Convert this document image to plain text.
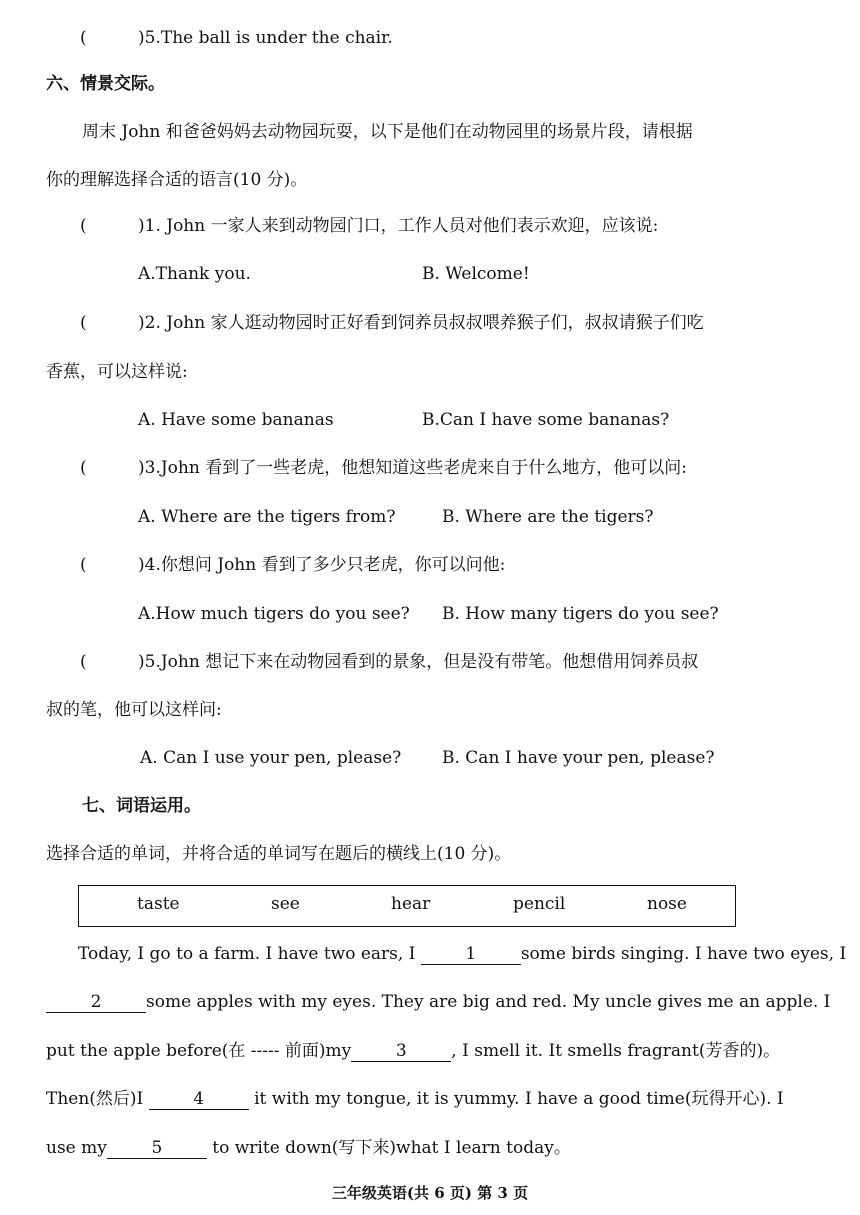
(	)5.The ball is under the chair.
六、情景交际。
周末 John 和爸爸妈妈去动物园玩耍，以下是他们在动物园里的场景片段，请根据
你的理解选择合适的语言(10 分)。
(	)1. John 一家人来到动物园门口，工作人员对他们表示欢迎，应该说:
A.Thank you.	B. Welcome!
(	)2. John 家人逛动物园时正好看到饲养员叔叔喂养猴子们，叔叔请猴子们吃
香蕉，可以这样说:
A. Have some bananas	B.Can I have some bananas?
(	)3.John 看到了一些老虎，他想知道这些老虎来自于什么地方，他可以问:
A. Where are the tigers from?	B. Where are the tigers?
(	)4.你想问 John 看到了多少只老虎，你可以问他:
A.How much tigers do you see? B. How many tigers do you see?
(	)5.John 想记下来在动物园看到的景象，但是没有带笔。他想借用饲养员叔
叔的笔，他可以这样问:
A. Can I use your pen, please? B. Can I have your pen, please?
七、词语运用。
选择合适的单词，并将合适的单词写在题后的横线上(10 分)。
taste	see	hear	pencil	nose
Today, I go to a farm. I have two ears, I	1	some birds singing. I have two eyes, I
2	some apples with my eyes. They are big and red. My uncle gives me an apple. I
put the apple before(在 ----- 前面)my	3	, I smell it. It smells fragrant(芳香的)。
Then(然后)I	4	it with my tongue, it is yummy. I have a good time(玩得开心). I
use my	5	to write down(写下来)what I learn today。
三年级英语(共 6 页) 第 3 页
